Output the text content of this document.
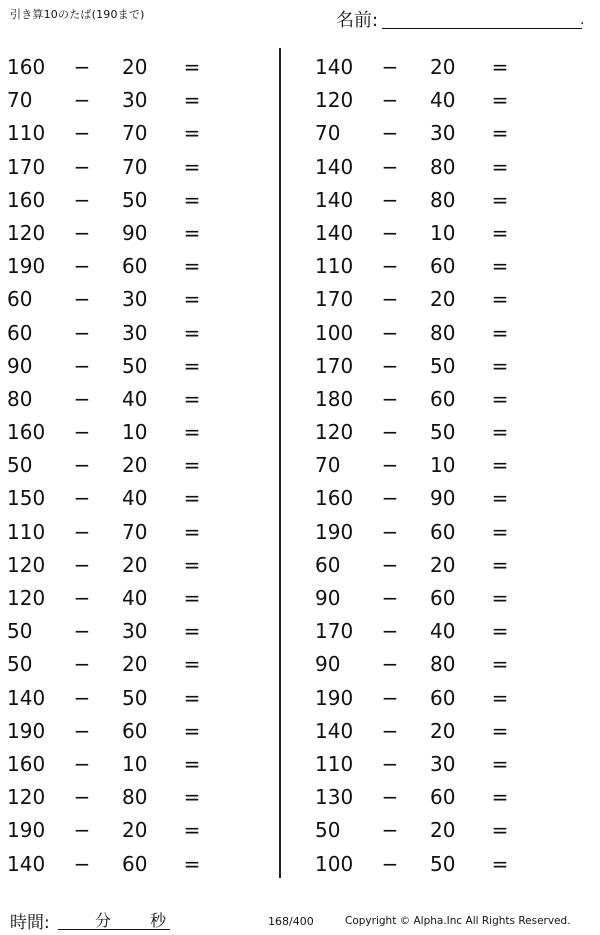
引き算10のたば(190まで)	名前:	.
160	− 20	=
70	− 30	=
110	− 70	=
170	− 70	=
160	− 50	=
120	− 90	=
190	− 60	=
60	− 30	=
60	− 30	=
90	− 50	=
80	− 40	=
160	− 10	=
50	− 20	=
150	− 40	=
110	− 70	=
120	− 20	=
120	− 40	=
50	− 30	=
50	− 20	=
140	− 50	=
190	− 60	=
160	− 10	=
120	− 80	=
190	− 20	=
140	− 60	=
140	− 20	=
120	− 40	=
70	− 30	=
140	− 80	=
140	− 80	=
140	− 10	=
110	− 60	=
170	− 20	=
100	− 80	=
170	− 50	=
180	− 60	=
120	− 50	=
70	− 10	=
160	− 90	=
190	− 60	=
60	− 20	=
90	− 60	=
170	− 40	=
90	− 80	=
190	− 60	=
140	− 20	=
110	− 30	=
130	− 60	=
50	− 20	=
100	− 50	=
時間:	分 秒	168/400	Copyright © Alpha.Inc All Rights Reserved.
